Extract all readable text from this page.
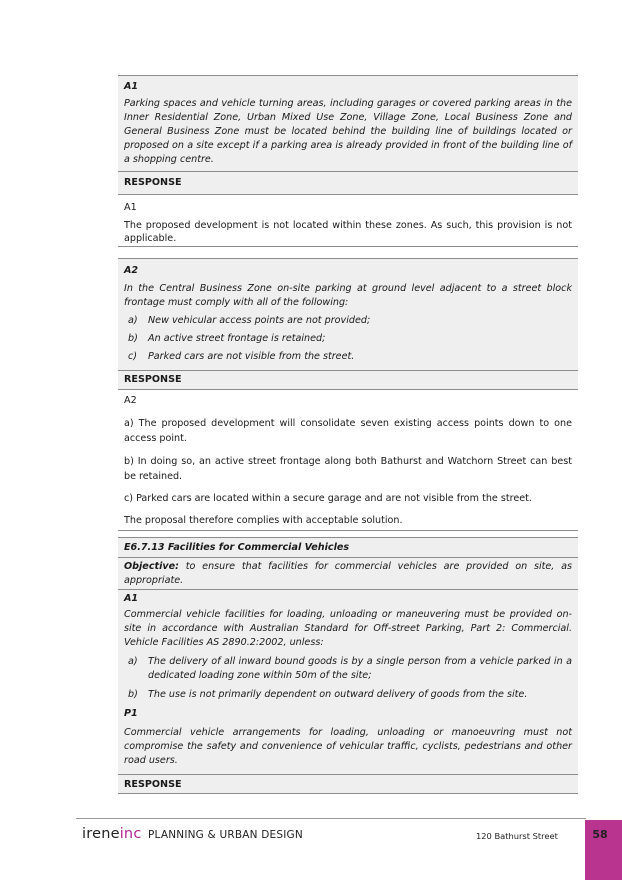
A1
Parking spaces and vehicle turning areas, including garages or covered parking areas in the Inner Residential Zone, Urban Mixed Use Zone, Village Zone, Local Business Zone and General Business Zone must be located behind the building line of buildings located or proposed on a site except if a parking area is already provided in front of the building line of a shopping centre.
RESPONSE
A1
The proposed development is not located within these zones. As such, this provision is not applicable.
A2
In the Central Business Zone on-site parking at ground level adjacent to a street block frontage must comply with all of the following:
a)	New vehicular access points are not provided;
b)	An active street frontage is retained;
c)	Parked cars are not visible from the street.
RESPONSE
A2
a) The proposed development will consolidate seven existing access points down to one access point.
b) In doing so, an active street frontage along both Bathurst and Watchorn Street can best be retained.
c) Parked cars are located within a secure garage and are not visible from the street.
The proposal therefore complies with acceptable solution.
E6.7.13 Facilities for Commercial Vehicles
Objective: to ensure that facilities for commercial vehicles are provided on site, as appropriate.
A1
Commercial vehicle facilities for loading, unloading or maneuvering must be provided on-site in accordance with Australian Standard for Off-street Parking, Part 2: Commercial. Vehicle Facilities AS 2890.2:2002, unless:
a)	The delivery of all inward bound goods is by a single person from a vehicle parked in a dedicated loading zone within 50m of the site;
b)	The use is not primarily dependent on outward delivery of goods from the site.
P1
Commercial vehicle arrangements for loading, unloading or manoeuvring must not compromise the safety and convenience of vehicular traffic, cyclists, pedestrians and other road users.
RESPONSE
ireneinc PLANNING & URBAN DESIGN	120 Bathurst Street	58
